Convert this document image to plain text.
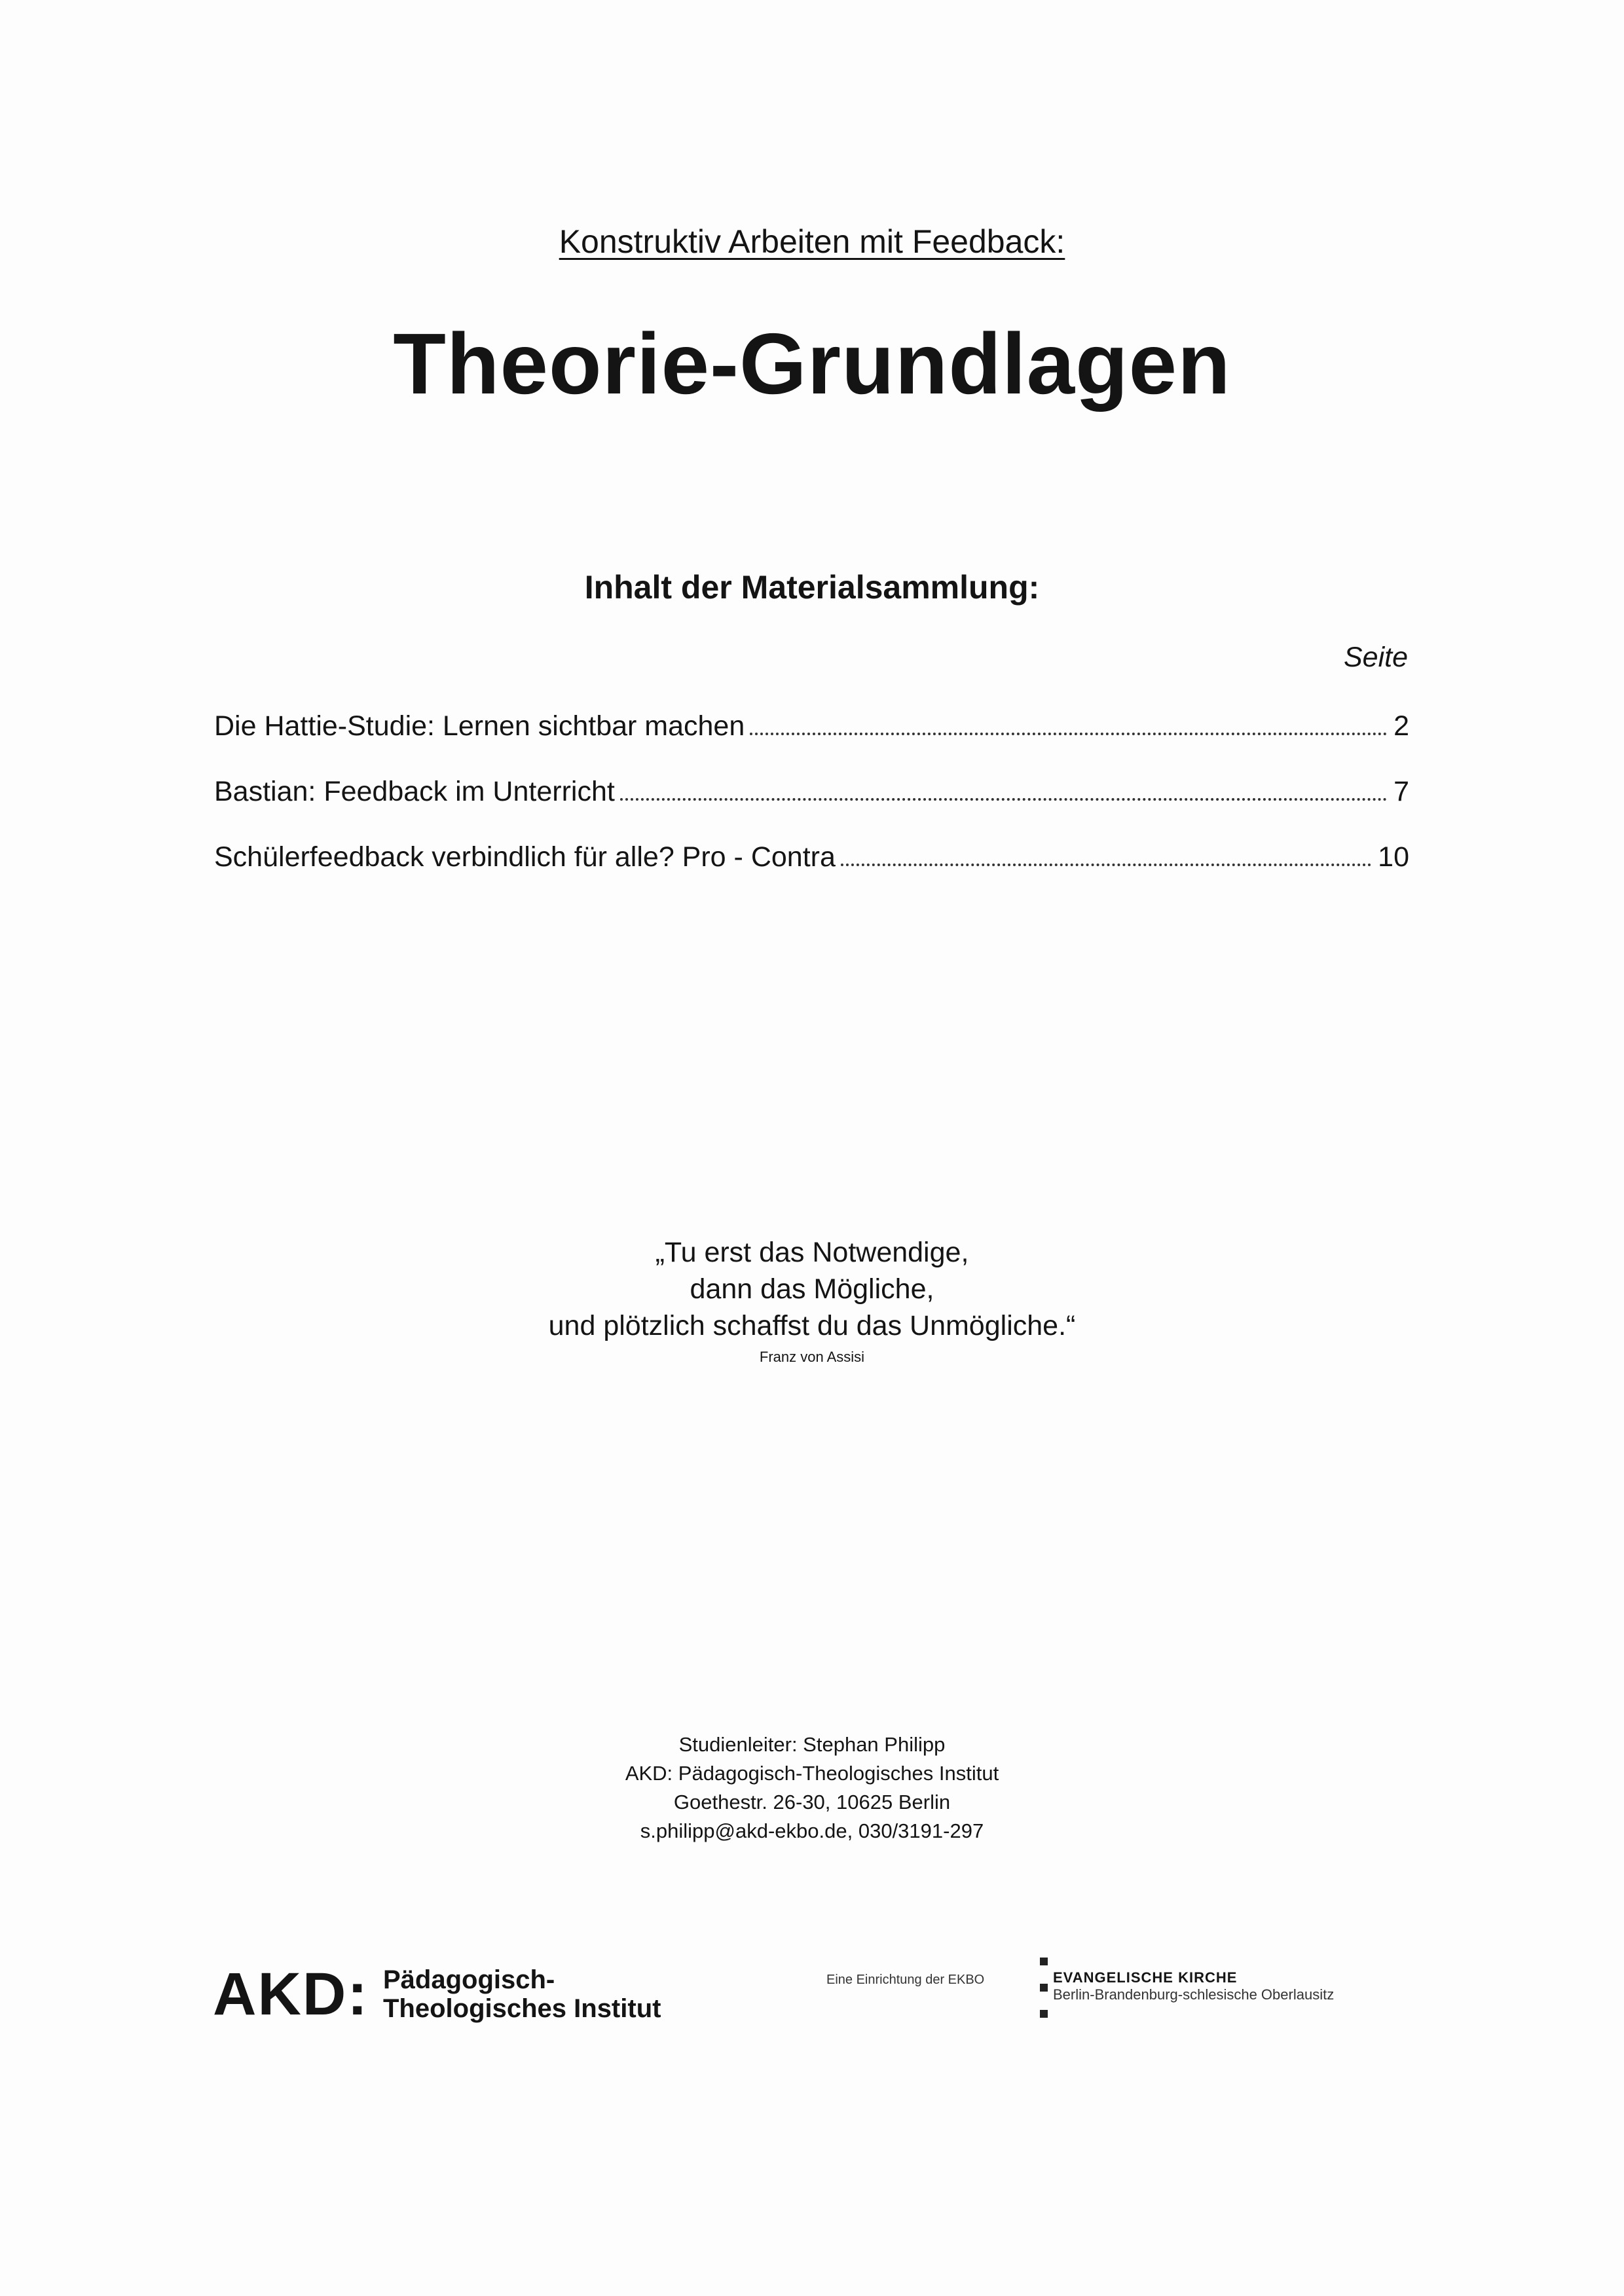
Konstruktiv Arbeiten mit Feedback:
Theorie-Grundlagen
Inhalt der Materialsammlung:
Seite
Die Hattie-Studie: Lernen sichtbar machen	2
Bastian: Feedback im Unterricht	7
Schülerfeedback verbindlich für alle? Pro - Contra	10
„Tu erst das Notwendige,
dann das Mögliche,
und plötzlich schaffst du das Unmögliche.“
Franz von Assisi
Studienleiter: Stephan Philipp
AKD: Pädagogisch-Theologisches Institut
Goethestr. 26-30, 10625 Berlin
s.philipp@akd-ekbo.de, 030/3191-297
AKD: Pädagogisch-
Theologisches Institut
Eine Einrichtung der EKBO	EVANGELISCHE KIRCHE
Berlin-Brandenburg-schlesische Oberlausitz
